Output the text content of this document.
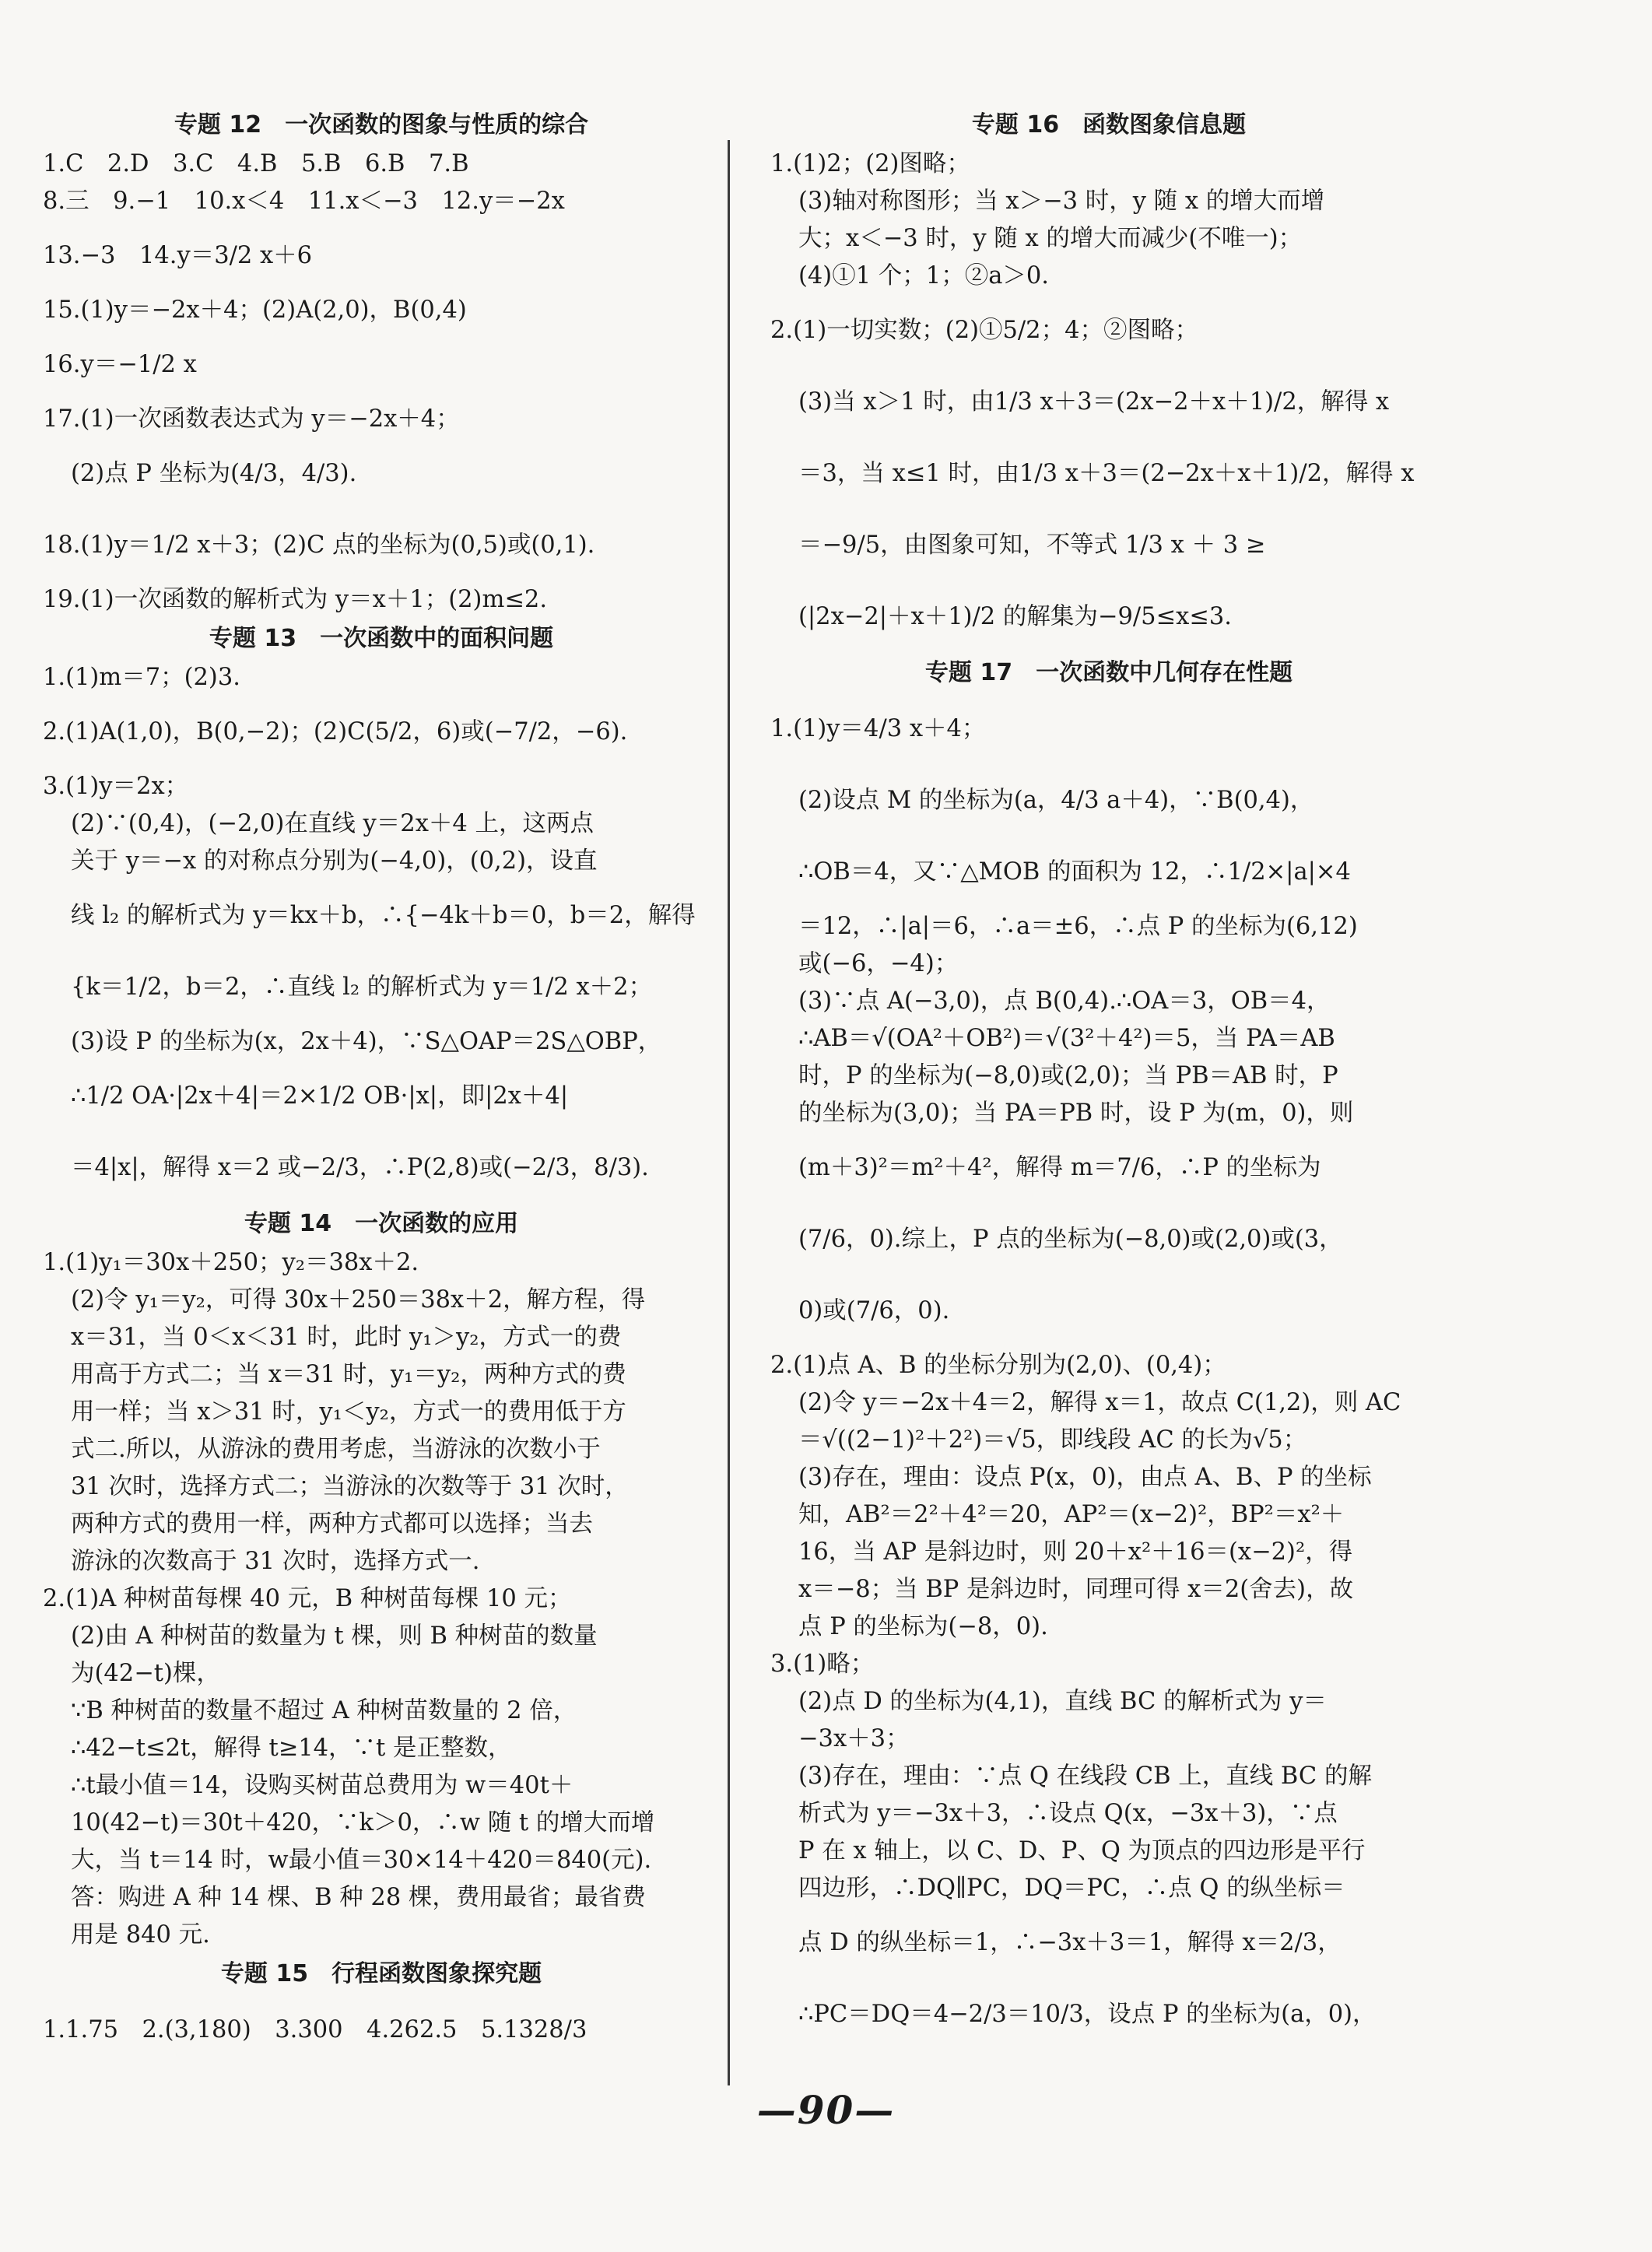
专题 12　一次函数的图象与性质的综合
1.C　2.D　3.C　4.B　5.B　6.B　7.B
8.三　9.−1　10.x＜4　11.x＜−3　12.y＝−2x
13.−3　14.y＝3/2 x＋6
15.(1)y＝−2x＋4；(2)A(2,0)，B(0,4)
16.y＝−1/2 x
17.(1)一次函数表达式为 y＝−2x＋4；
(2)点 P 坐标为(4/3，4/3).
18.(1)y＝1/2 x＋3；(2)C 点的坐标为(0,5)或(0,1).
19.(1)一次函数的解析式为 y＝x＋1；(2)m≤2.
专题 13　一次函数中的面积问题
1.(1)m＝7；(2)3.
2.(1)A(1,0)，B(0,−2)；(2)C(5/2，6)或(−7/2，−6).
3.(1)y＝2x；
(2)∵(0,4)，(−2,0)在直线 y＝2x＋4 上，这两点
关于 y＝−x 的对称点分别为(−4,0)，(0,2)，设直
线 l₂ 的解析式为 y＝kx＋b，∴{−4k＋b＝0，b＝2，解得
{k＝1/2，b＝2，∴直线 l₂ 的解析式为 y＝1/2 x＋2；
(3)设 P 的坐标为(x，2x＋4)，∵S△OAP＝2S△OBP，
∴1/2 OA·|2x＋4|＝2×1/2 OB·|x|，即|2x＋4|
＝4|x|，解得 x＝2 或−2/3，∴P(2,8)或(−2/3，8/3).
专题 14　一次函数的应用
1.(1)y₁＝30x＋250；y₂＝38x＋2.
(2)令 y₁＝y₂，可得 30x＋250＝38x＋2，解方程，得
x＝31，当 0＜x＜31 时，此时 y₁＞y₂，方式一的费
用高于方式二；当 x＝31 时，y₁＝y₂，两种方式的费
用一样；当 x＞31 时，y₁＜y₂，方式一的费用低于方
式二.所以，从游泳的费用考虑，当游泳的次数小于
31 次时，选择方式二；当游泳的次数等于 31 次时，
两种方式的费用一样，两种方式都可以选择；当去
游泳的次数高于 31 次时，选择方式一.
2.(1)A 种树苗每棵 40 元，B 种树苗每棵 10 元；
(2)由 A 种树苗的数量为 t 棵，则 B 种树苗的数量
为(42−t)棵，
∵B 种树苗的数量不超过 A 种树苗数量的 2 倍，
∴42−t≤2t，解得 t≥14，∵t 是正整数，
∴t最小值＝14，设购买树苗总费用为 w＝40t＋
10(42−t)＝30t＋420，∵k＞0，∴w 随 t 的增大而增
大，当 t＝14 时，w最小值＝30×14＋420＝840(元).
答：购进 A 种 14 棵、B 种 28 棵，费用最省；最省费
用是 840 元.
专题 15　行程函数图象探究题
1.1.75　2.(3,180)　3.300　4.262.5　5.1328/3
专题 16　函数图象信息题
1.(1)2；(2)图略；
(3)轴对称图形；当 x＞−3 时，y 随 x 的增大而增
大；x＜−3 时，y 随 x 的增大而减少(不唯一)；
(4)①1 个；1；②a＞0.
2.(1)一切实数；(2)①5/2；4；②图略；
(3)当 x＞1 时，由1/3 x＋3＝(2x−2＋x＋1)/2，解得 x
＝3，当 x≤1 时，由1/3 x＋3＝(2−2x＋x＋1)/2，解得 x
＝−9/5，由图象可知，不等式 1/3 x ＋ 3 ≥
(|2x−2|＋x＋1)/2 的解集为−9/5≤x≤3.
专题 17　一次函数中几何存在性题
1.(1)y＝4/3 x＋4；
(2)设点 M 的坐标为(a，4/3 a＋4)，∵B(0,4)，
∴OB＝4，又∵△MOB 的面积为 12，∴1/2×|a|×4
＝12，∴|a|＝6，∴a＝±6，∴点 P 的坐标为(6,12)
或(−6，−4)；
(3)∵点 A(−3,0)，点 B(0,4).∴OA＝3，OB＝4，
∴AB＝√(OA²＋OB²)＝√(3²＋4²)＝5，当 PA＝AB
时，P 的坐标为(−8,0)或(2,0)；当 PB＝AB 时，P
的坐标为(3,0)；当 PA＝PB 时，设 P 为(m，0)，则
(m＋3)²＝m²＋4²，解得 m＝7/6，∴P 的坐标为
(7/6，0).综上，P 点的坐标为(−8,0)或(2,0)或(3，
0)或(7/6，0).
2.(1)点 A、B 的坐标分别为(2,0)、(0,4)；
(2)令 y＝−2x＋4＝2，解得 x＝1，故点 C(1,2)，则 AC
＝√((2−1)²＋2²)＝√5，即线段 AC 的长为√5；
(3)存在，理由：设点 P(x，0)，由点 A、B、P 的坐标
知，AB²＝2²＋4²＝20，AP²＝(x−2)²，BP²＝x²＋
16，当 AP 是斜边时，则 20＋x²＋16＝(x−2)²，得
x＝−8；当 BP 是斜边时，同理可得 x＝2(舍去)，故
点 P 的坐标为(−8，0).
3.(1)略；
(2)点 D 的坐标为(4,1)，直线 BC 的解析式为 y＝
−3x＋3；
(3)存在，理由：∵点 Q 在线段 CB 上，直线 BC 的解
析式为 y＝−3x＋3，∴设点 Q(x，−3x＋3)，∵点
P 在 x 轴上，以 C、D、P、Q 为顶点的四边形是平行
四边形，∴DQ∥PC，DQ＝PC，∴点 Q 的纵坐标＝
点 D 的纵坐标＝1，∴−3x＋3＝1，解得 x＝2/3，
∴PC＝DQ＝4−2/3＝10/3，设点 P 的坐标为(a，0)，
—90—
